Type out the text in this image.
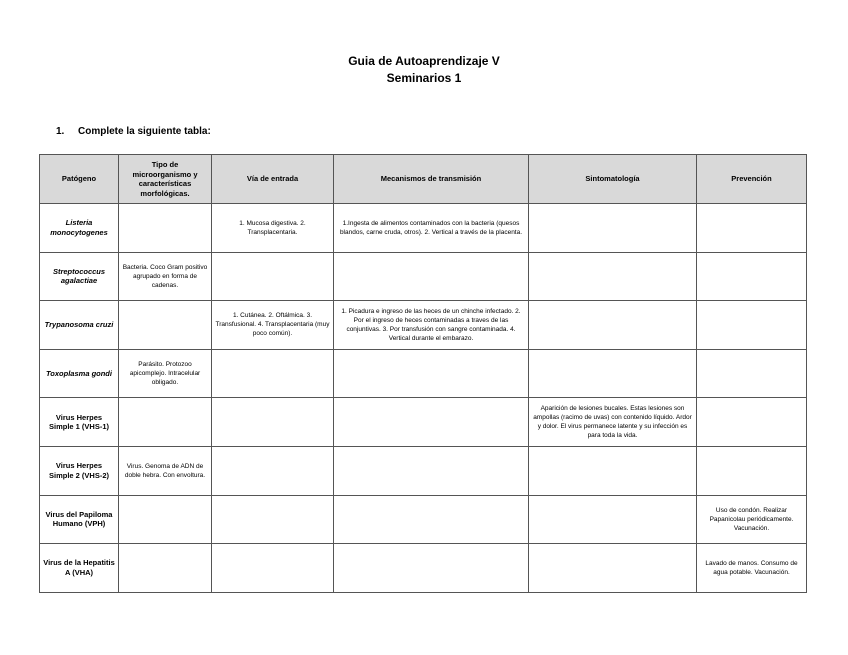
Guia de Autoaprendizaje V
Seminarios 1
1. Complete la siguiente tabla:
Patógeno	Tipo de microorganismo y características morfológicas.	Vía de entrada	Mecanismos de transmisión	Sintomatología	Prevención
Listeria monocytogenes		1. Mucosa digestiva. 2. Transplacentaria.	1.Ingesta de alimentos contaminados con la bacteria (quesos blandos, carne cruda, otros). 2. Vertical a través de la placenta.		
Streptococcus agalactiae	Bacteria. Coco Gram positivo agrupado en forma de cadenas.				
Trypanosoma cruzi		1. Cutánea. 2. Oftálmica. 3. Transfusional. 4. Transplacentaria (muy poco común).	1. Picadura e ingreso de las heces de un chinche infectado. 2. Por el ingreso de heces contaminadas a traves de las conjuntivas. 3. Por transfusión con sangre contaminada. 4. Vertical durante el embarazo.		
Toxoplasma gondi	Parásito. Protozoo apicomplejo. Intracelular obligado.				
Virus Herpes Simple 1 (VHS-1)				Aparición de lesiones bucales. Estas lesiones son ampollas (racimo de uvas) con contenido líquido. Ardor y dolor. El virus permanece latente y su infección es para toda la vida.	
Virus Herpes Simple 2 (VHS-2)	Virus. Genoma de ADN de doble hebra. Con envoltura.				
Virus del Papiloma Humano (VPH)					Uso de condón. Realizar Papanicolau periódicamente. Vacunación.
Virus de la Hepatitis A (VHA)					Lavado de manos. Consumo de agua potable. Vacunación.
